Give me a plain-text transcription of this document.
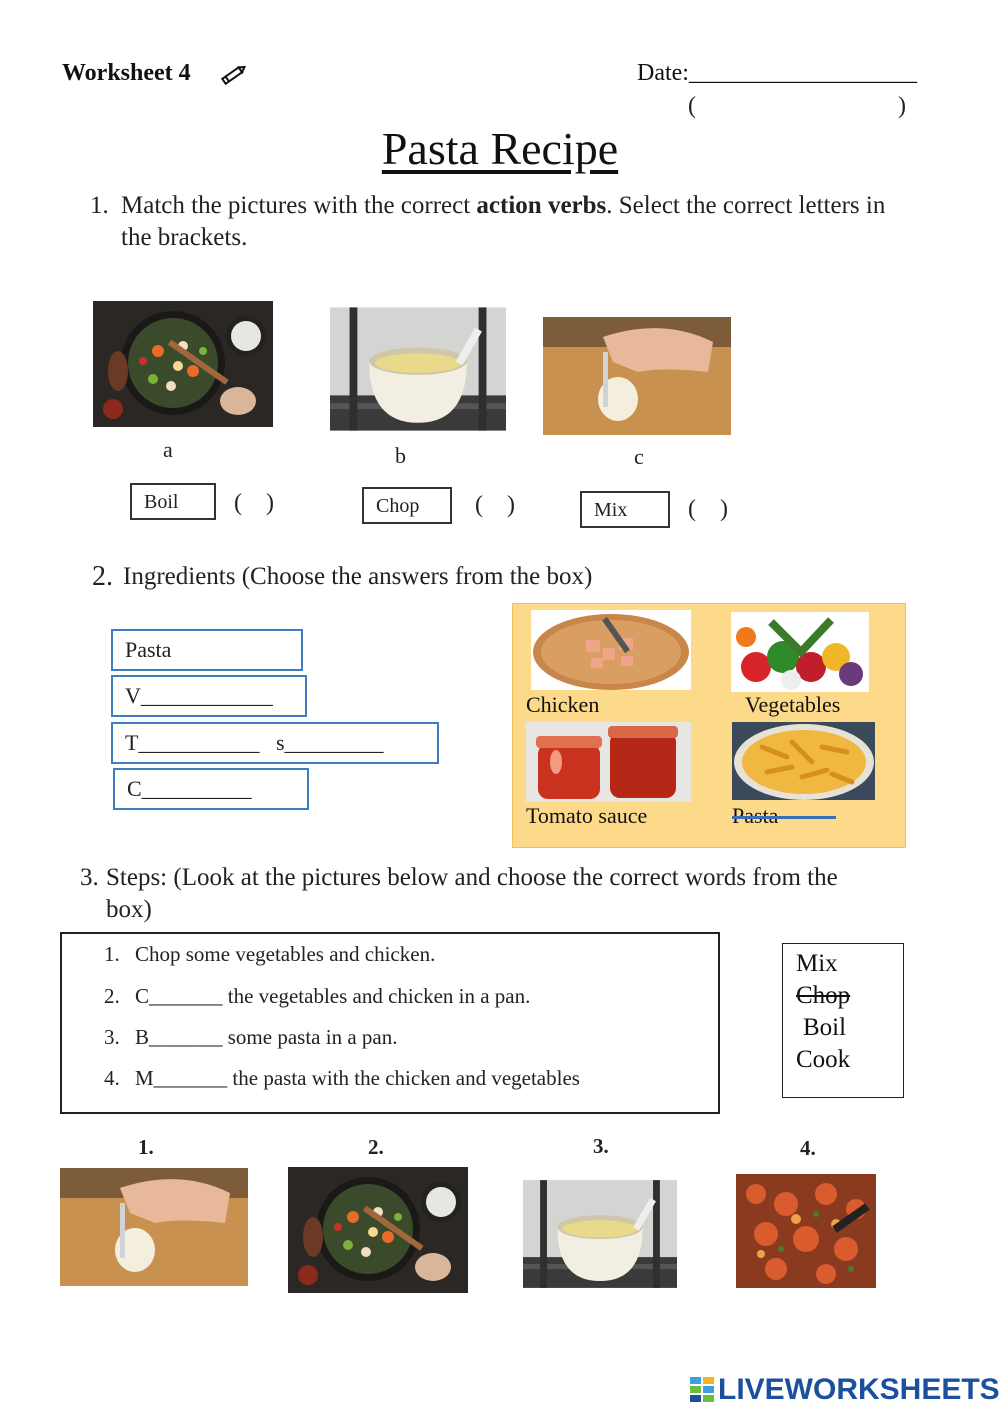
Worksheet 4	Date:___________________
(	)
Pasta Recipe
1. Match the pictures with the correct action verbs. Select the correct letters in the brackets.
a	b	c
Boil	(    )	Chop	(    )	Mix	(    )
2. Ingredients (Choose the answers from the box)
Pasta
V____________
T___________   s_________
C__________
Chicken	Vegetables
Tomato sauce
3. Steps: (Look at the pictures below and choose the correct words from the box)
1. Chop some vegetables and chicken.
2. C_______ the vegetables and chicken in a pan.
3. B_______ some pasta in a pan.
4. M_______ the pasta with the chicken and vegetables
Mix
Chop
Boil
Cook
1.	2.	3.	4.
LIVEWORKSHEETS
